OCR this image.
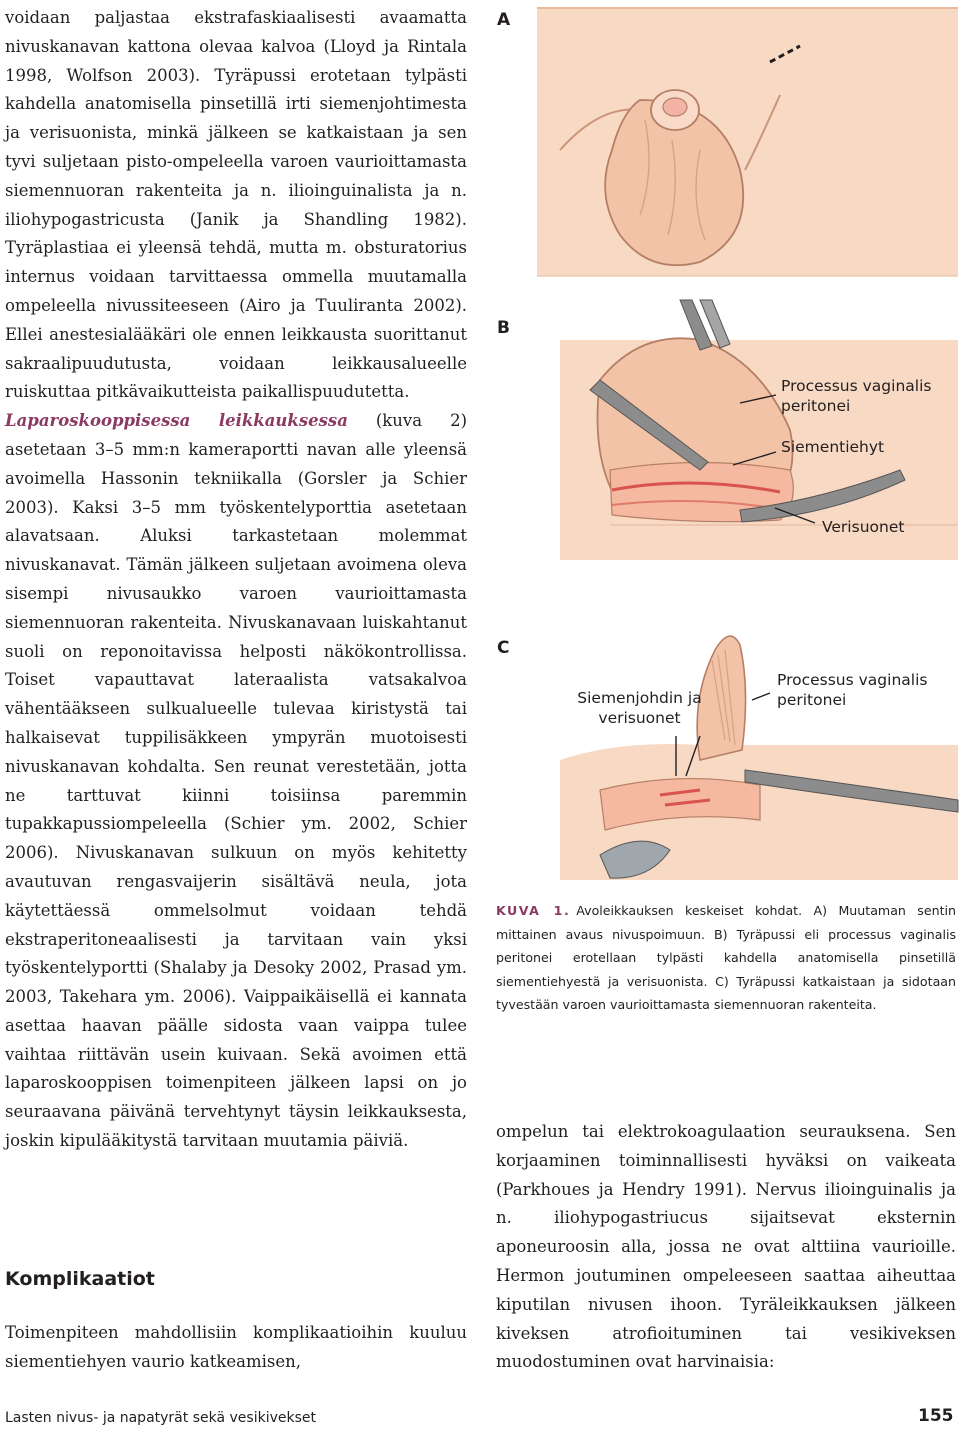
voidaan paljastaa ekstrafaskiaalisesti avaamatta nivuskanavan kattona olevaa kalvoa (Lloyd ja Rintala 1998, Wolfson 2003). Tyräpussi erotetaan tylpästi kahdella anatomisella pinsetillä irti siemenjohtimesta ja verisuonista, minkä jälkeen se katkaistaan ja sen tyvi suljetaan pisto-ompeleella varoen vaurioittamasta siemennuoran rakenteita ja n. ilioinguinalista ja n. iliohypogastricusta (Janik ja Shandling 1982). Tyräplastiaa ei yleensä tehdä, mutta m. obsturatorius internus voidaan tarvittaessa ommella muutamalla ompeleella nivussiteeseen (Airo ja Tuuliranta 2002). Ellei anestesialääkäri ole ennen leikkausta suorittanut sakraalipuudutusta, voidaan leikkausalueelle ruiskuttaa pitkävaikutteista paikallispuudutetta.

Laparoskooppisessa leikkauksessa (kuva 2) asetetaan 3–5 mm:n kameraportti navan alle yleensä avoimella Hassonin tekniikalla (Gorsler ja Schier 2003). Kaksi 3–5 mm työskentelyporttia asetetaan alavatsaan. Aluksi tarkastetaan molemmat nivuskanavat. Tämän jälkeen suljetaan avoimena oleva sisempi nivusaukko varoen vaurioittamasta siemennuoran rakenteita. Nivuskanavaan luiskahtanut suoli on reponoitavissa helposti näkökontrollissa. Toiset vapauttavat lateraalista vatsakalvoa vähentääkseen sulkualueelle tulevaa kiristystä tai halkaisevat tuppilisäkkeen ympyrän muotoisesti nivuskanavan kohdalta. Sen reunat verestetään, jotta ne tarttuvat kiinni toisiinsa paremmin tupakkapussiompeleella (Schier ym. 2002, Schier 2006). Nivuskanavan sulkuun on myös kehitetty avautuvan rengasvaijerin sisältävä neula, jota käytettäessä ommelsolmut voidaan tehdä ekstraperitoneaalisesti ja tarvitaan vain yksi työskentelyportti (Shalaby ja Desoky 2002, Prasad ym. 2003, Takehara ym. 2006). Vaippaikäisellä ei kannata asettaa haavan päälle sidosta vaan vaippa tulee vaihtaa riittävän usein kuivaan. Sekä avoimen että laparoskooppisen toimenpiteen jälkeen lapsi on jo seuraavana päivänä tervehtynyt täysin leikkauksesta, joskin kipulääkitystä tarvitaan muutamia päiviä.

Komplikaatiot
Toimenpiteen mahdollisiin komplikaatioihin kuuluu siementiehyen vaurio katkeamisen,
A
B
C
Processus vaginalis peritonei
Siementiehyt
Verisuonet
Siemenjohdin ja verisuonet
Processus vaginalis peritonei
KUVA 1. Avoleikkauksen keskeiset kohdat. A) Muutaman sentin mittainen avaus nivuspoimuun. B) Tyräpussi eli processus vaginalis peritonei erotellaan tylpästi kahdella anatomisella pinsetillä siementiehyestä ja verisuonista. C) Tyräpussi katkaistaan ja sidotaan tyvestään varoen vaurioittamasta siemennuoran rakenteita.
ompelun tai elektrokoagulaation seurauksena. Sen korjaaminen toiminnallisesti hyväksi on vaikeata (Parkhoues ja Hendry 1991). Nervus ilioinguinalis ja n. iliohypogastriucus sijaitsevat eksternin aponeuroosin alla, jossa ne ovat alttiina vaurioille. Hermon joutuminen ompeleeseen saattaa aiheuttaa kiputilan nivusen ihoon. Tyräleikkauksen jälkeen kiveksen atrofioituminen tai vesikiveksen muodostuminen ovat harvinaisia:
Lasten nivus- ja napatyrät sekä vesikivekset	155
